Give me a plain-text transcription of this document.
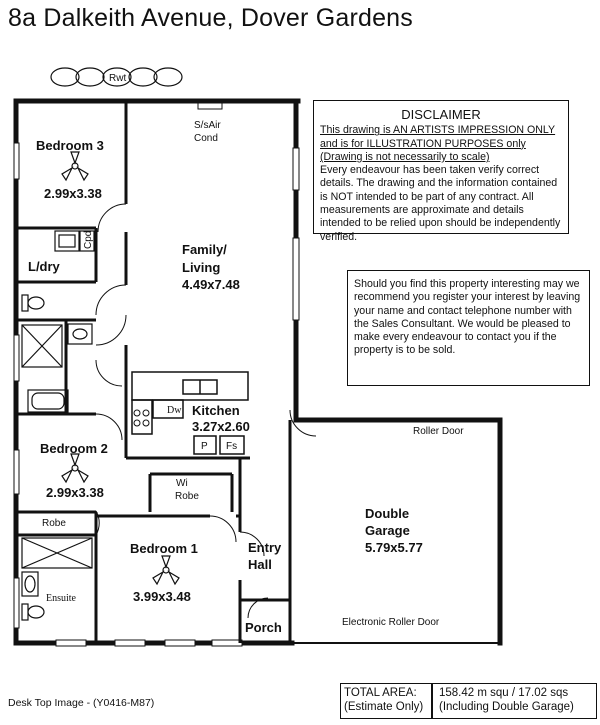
8a Dalkeith Avenue, Dover Gardens
Rwt
Cpd
Bedroom 3
2.99x3.38
S/sAir
Cond
L/dry
Family/
Living
4.49x7.48
Dw Kitchen
3.27x2.60
P Fs
Bedroom 2
2.99x3.38
Robe
Wi
Robe
Bedroom 1
3.99x3.48
Ensuite
Entry
Hall
Porch
Roller Door
Double
Garage
5.79x5.77
Electronic Roller Door
DISCLAIMER
This drawing is AN ARTISTS IMPRESSION ONLY
and is for ILLUSTRATION PURPOSES only
(Drawing is not necessarily to scale)
Every endeavour has been taken verify correct details. The drawing and the information contained is NOT intended to be part of any contract. All measurements are approximate and details intended to be relied upon should be independently verified.
Should you find this property interesting may we recommend you register your interest by leaving your name and contact telephone number with the Sales Consultant. We would be pleased to make every endeavour to contact you if the property is to be sold.
Desk Top Image - (Y0416-M87)
TOTAL AREA:
(Estimate Only)
158.42 m squ / 17.02 sqs
(Including Double Garage)
